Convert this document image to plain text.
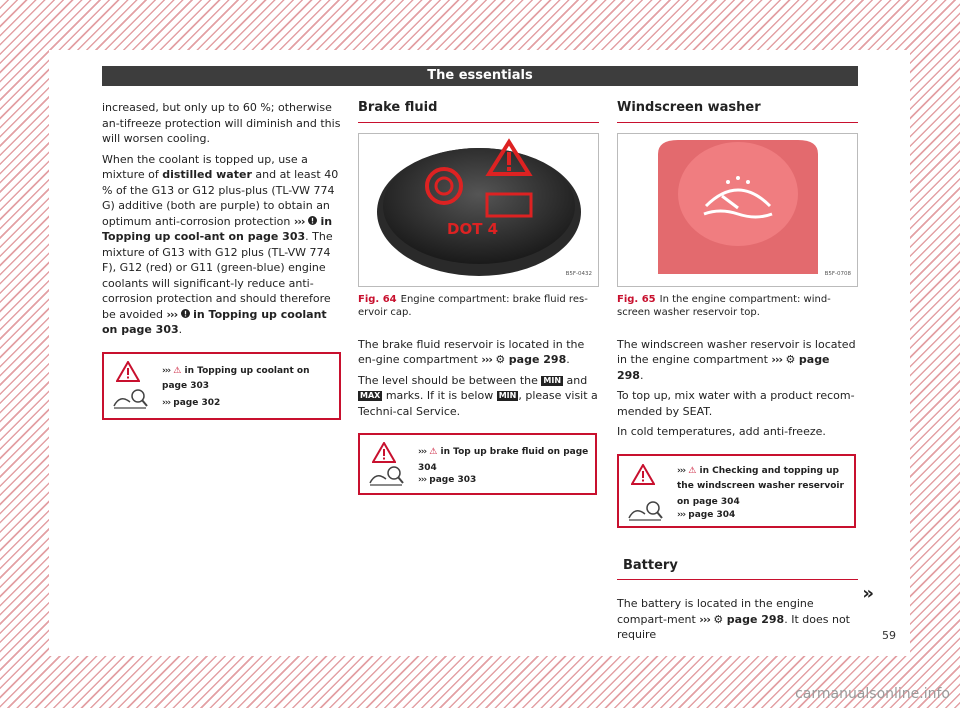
The essentials

increased, but only up to 60 %; otherwise an-tifreeze protection will diminish and this will worsen cooling.

When the coolant is topped up, use a mixture of distilled water and at least 40 % of the G13 or G12 plus-plus (TL-VW 774 G) additive (both are purple) to obtain an optimum anti-corrosion protection ››› in Topping up cool-ant on page 303. The mixture of G13 with G12 plus (TL-VW 774 F), G12 (red) or G11 (green-blue) engine coolants will significant-ly reduce anti-corrosion protection and should therefore be avoided ››› in Topping up coolant on page 303.

››› ⚠ in Topping up coolant on page 303
››› page 302
Brake fluid
DOT 4
B5F-0432
Fig. 64 Engine compartment: brake fluid res-ervoir cap.

The brake fluid reservoir is located in the en-gine compartment ››› ⚙ page 298.

The level should be between the MIN and MAX marks. If it is below MIN , please visit a Techni-cal Service.

››› ⚠ in Top up brake fluid on page 304
››› page 303
Windscreen washer
B5F-0708
Fig. 65 In the engine compartment: wind-screen washer reservoir top.

The windscreen washer reservoir is located in the engine compartment ››› ⚙ page 298.

To top up, mix water with a product recom-mended by SEAT.

In cold temperatures, add anti-freeze.

››› ⚠ in Checking and topping up the windscreen washer reservoir on page 304
››› page 304
Battery

The battery is located in the engine compart-ment ››› ⚙ page 298. It does not require

»
59
carmanualsonline.info
